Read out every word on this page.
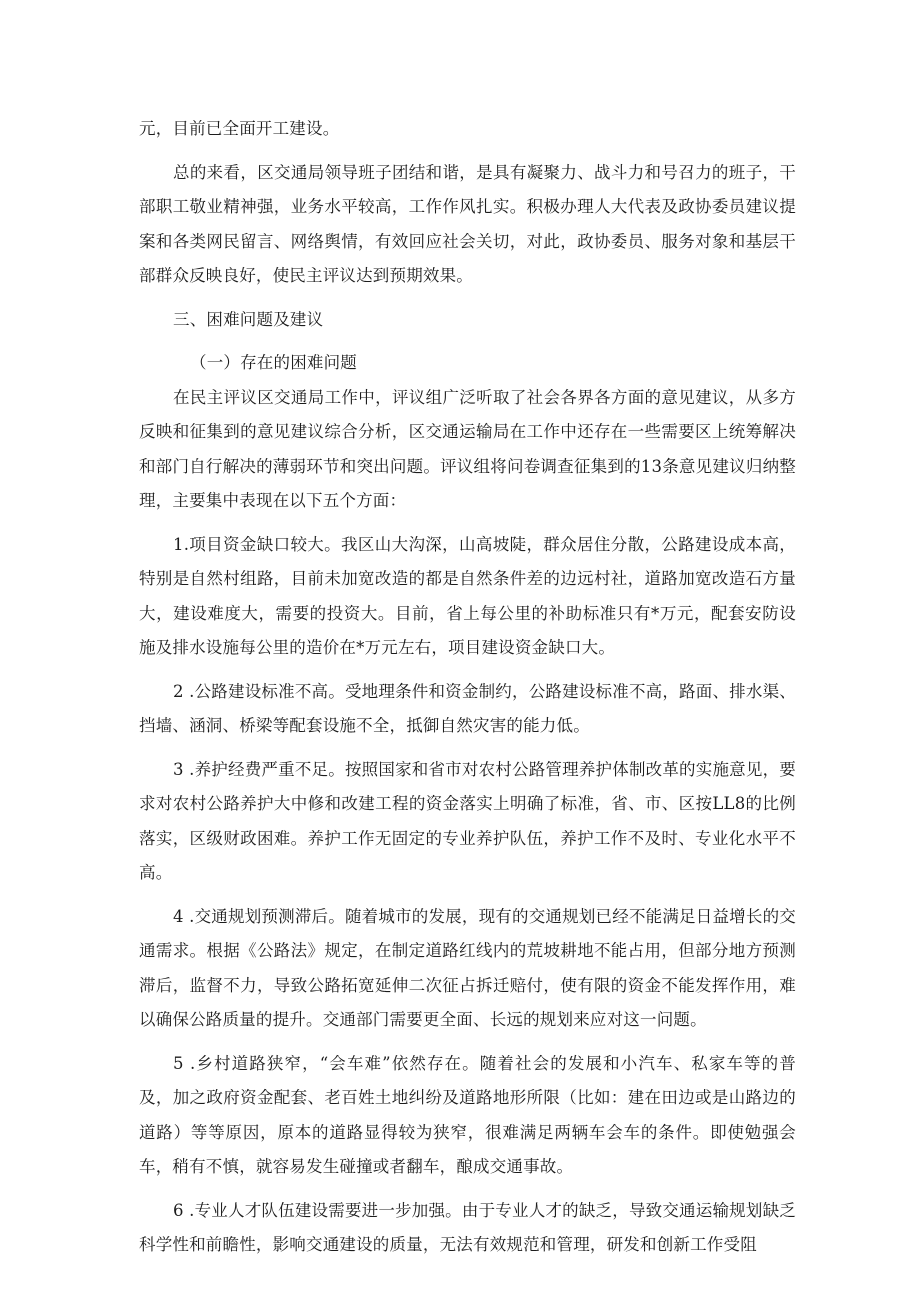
元，目前已全面开工建设。

总的来看，区交通局领导班子团结和谐，是具有凝聚力、战斗力和号召力的班子，干部职工敬业精神强，业务水平较高，工作作风扎实。积极办理人大代表及政协委员建议提案和各类网民留言、网络舆情，有效回应社会关切，对此，政协委员、服务对象和基层干部群众反映良好，使民主评议达到预期效果。

三、困难问题及建议

（一）存在的困难问题

在民主评议区交通局工作中，评议组广泛听取了社会各界各方面的意见建议，从多方反映和征集到的意见建议综合分析，区交通运输局在工作中还存在一些需要区上统筹解决和部门自行解决的薄弱环节和突出问题。评议组将问卷调查征集到的13条意见建议归纳整理，主要集中表现在以下五个方面：

1.项目资金缺口较大。我区山大沟深，山高坡陡，群众居住分散，公路建设成本高，特别是自然村组路，目前未加宽改造的都是自然条件差的边远村社，道路加宽改造石方量大，建设难度大，需要的投资大。目前，省上每公里的补助标准只有*万元，配套安防设施及排水设施每公里的造价在*万元左右，项目建设资金缺口大。

2 .公路建设标准不高。受地理条件和资金制约，公路建设标准不高，路面、排水渠、挡墙、涵洞、桥梁等配套设施不全，抵御自然灾害的能力低。

3 .养护经费严重不足。按照国家和省市对农村公路管理养护体制改革的实施意见，要求对农村公路养护大中修和改建工程的资金落实上明确了标准，省、市、区按LL8的比例落实，区级财政困难。养护工作无固定的专业养护队伍，养护工作不及时、专业化水平不高。

4 .交通规划预测滞后。随着城市的发展，现有的交通规划已经不能满足日益增长的交通需求。根据《公路法》规定，在制定道路红线内的荒坡耕地不能占用，但部分地方预测滞后，监督不力，导致公路拓宽延伸二次征占拆迁赔付，使有限的资金不能发挥作用，难以确保公路质量的提升。交通部门需要更全面、长远的规划来应对这一问题。

5 .乡村道路狭窄，“会车难”依然存在。随着社会的发展和小汽车、私家车等的普及，加之政府资金配套、老百姓土地纠纷及道路地形所限（比如：建在田边或是山路边的道路）等等原因，原本的道路显得较为狭窄，很难满足两辆车会车的条件。即使勉强会车，稍有不慎，就容易发生碰撞或者翻车，酿成交通事故。

6 .专业人才队伍建设需要进一步加强。由于专业人才的缺乏，导致交通运输规划缺乏科学性和前瞻性，影响交通建设的质量，无法有效规范和管理，研发和创新工作受阻
